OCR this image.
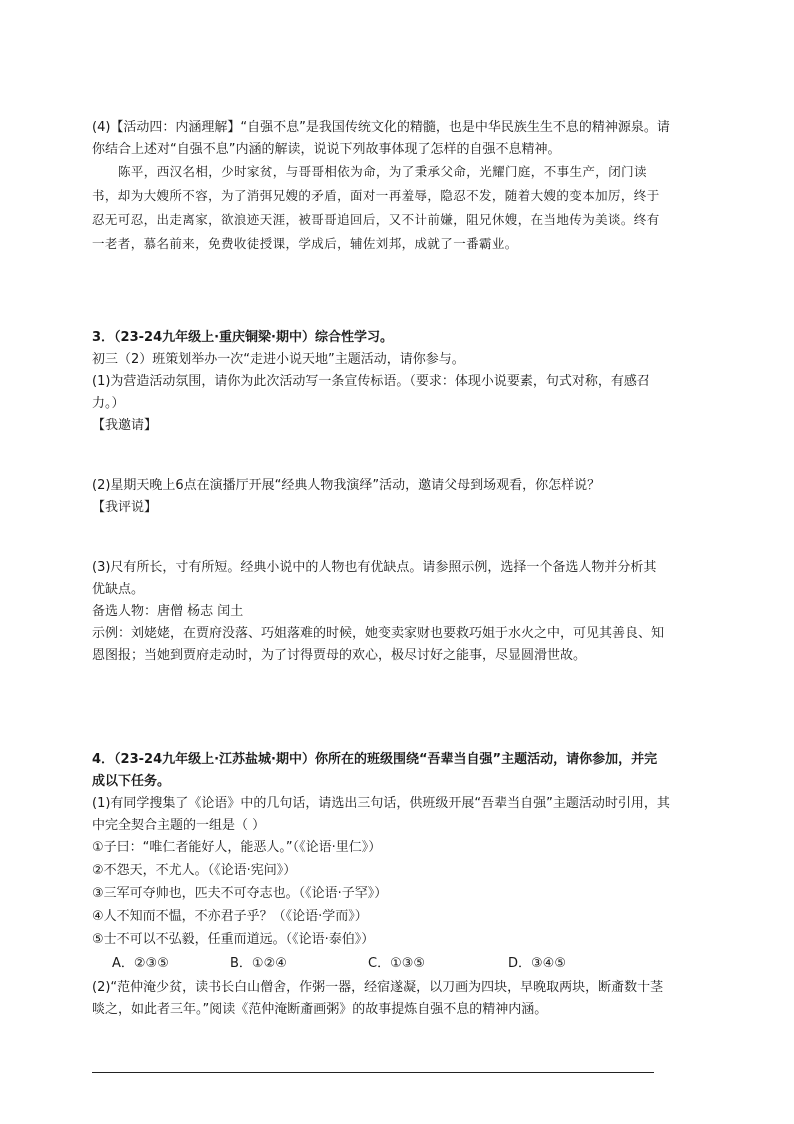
(4)【活动四：内涵理解】“自强不息”是我国传统文化的精髓，也是中华民族生生不息的精神源泉。请
你结合上述对“自强不息”内涵的解读，说说下列故事体现了怎样的自强不息精神。
陈平，西汉名相，少时家贫，与哥哥相依为命，为了秉承父命，光耀门庭，不事生产，闭门读
书，却为大嫂所不容，为了消弭兄嫂的矛盾，面对一再羞辱，隐忍不发，随着大嫂的变本加厉，终于
忍无可忍，出走离家，欲浪迹天涯，被哥哥追回后，又不计前嫌，阻兄休嫂，在当地传为美谈。终有
一老者，慕名前来，免费收徒授课，学成后，辅佐刘邦，成就了一番霸业。
3．（23-24九年级上·重庆铜梁·期中）综合性学习。
初三（2）班策划举办一次“走进小说天地”主题活动，请你参与。
(1)为营造活动氛围，请你为此次活动写一条宣传标语。（要求：体现小说要素，句式对称，有感召
力。）
【我邀请】
(2)星期天晚上6点在演播厅开展“经典人物我演绎”活动，邀请父母到场观看，你怎样说？
【我评说】
(3)尺有所长，寸有所短。经典小说中的人物也有优缺点。请参照示例，选择一个备选人物并分析其
优缺点。
备选人物：唐僧 杨志 闰土
示例：刘姥姥，在贾府没落、巧姐落难的时候，她变卖家财也要救巧姐于水火之中，可见其善良、知
恩图报；当她到贾府走动时，为了讨得贾母的欢心，极尽讨好之能事，尽显圆滑世故。
4．（23-24九年级上·江苏盐城·期中）你所在的班级围绕“吾辈当自强”主题活动，请你参加，并完
成以下任务。
(1)有同学搜集了《论语》中的几句话，请选出三句话，供班级开展“吾辈当自强”主题活动时引用，其
中完全契合主题的一组是（ ）
①子曰：“唯仁者能好人，能恶人。”（《论语·里仁》）
②不怨天，不尤人。（《论语·宪问》）
③三军可夺帅也，匹夫不可夺志也。（《论语·子罕》）
④人不知而不愠，不亦君子乎？（《论语·学而》）
⑤士不可以不弘毅，任重而道远。（《论语·泰伯》）
A．②③⑤	B．①②④	C．①③⑤	D．③④⑤
(2)“范仲淹少贫，读书长白山僧舍，作粥一器，经宿遂凝，以刀画为四块，早晚取两块，断齑数十茎
啖之，如此者三年。”阅读《范仲淹断齑画粥》的故事提炼自强不息的精神内涵。
